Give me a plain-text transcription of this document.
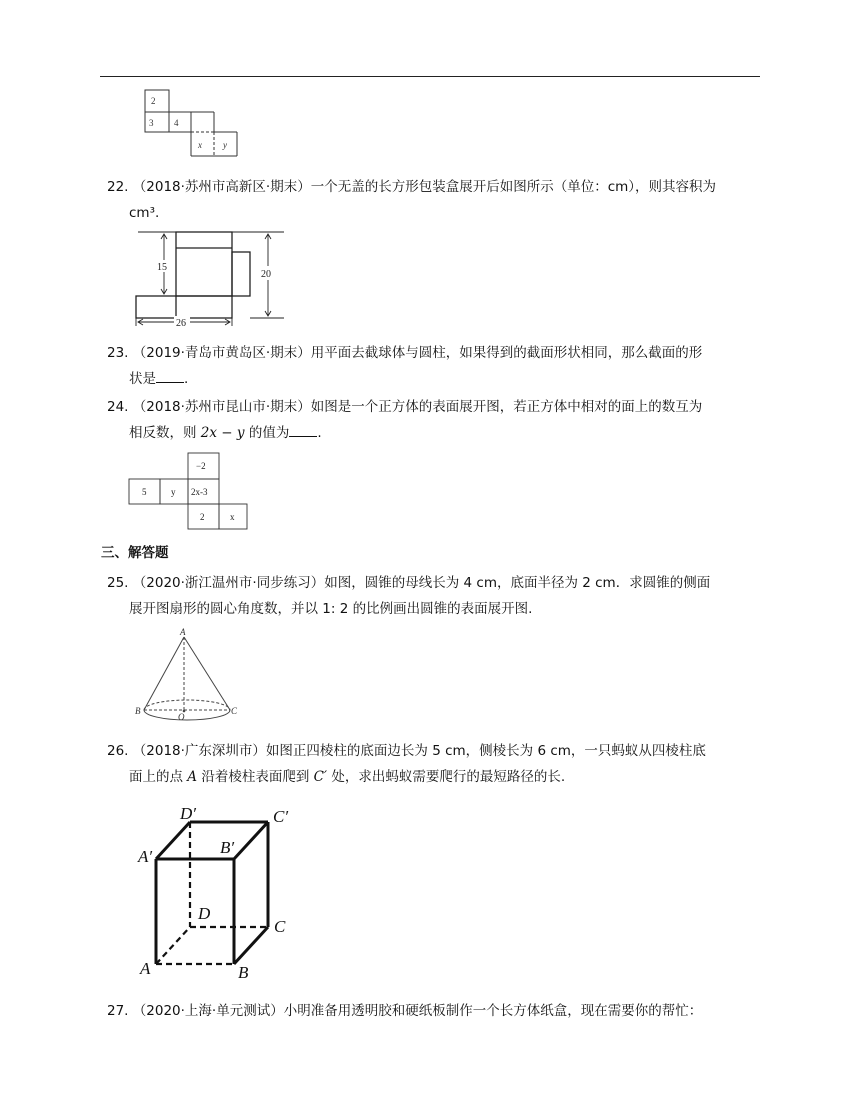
2
3 4
x y
22. （2018·苏州市高新区·期末）一个无盖的长方形包装盒展开后如图所示（单位：cm），则其容积为
cm³.
15
20
26
23. （2019·青岛市黄岛区·期末）用平面去截球体与圆柱，如果得到的截面形状相同，那么截面的形
状是 .
24. （2018·苏州市昆山市·期末）如图是一个正方体的表面展开图，若正方体中相对的面上的数互为
相反数，则 2x − y 的值为 .
−2
5	y 2x-3
2	x
三、解答题
25. （2020·浙江温州市·同步练习）如图，圆锥的母线长为 4 cm，底面半径为 2 cm．求圆锥的侧面
展开图扇形的圆心角度数，并以 1: 2 的比例画出圆锥的表面展开图.
A
B
O
C
26. （2018·广东深圳市）如图正四棱柱的底面边长为 5 cm，侧棱长为 6 cm，一只蚂蚁从四棱柱底
面上的点 A 沿着棱柱表面爬到 C′ 处，求出蚂蚁需要爬行的最短路径的长.
D′	C′
A′	B′
D
C
A	B
27. （2020·上海·单元测试）小明准备用透明胶和硬纸板制作一个长方体纸盒，现在需要你的帮忙：
